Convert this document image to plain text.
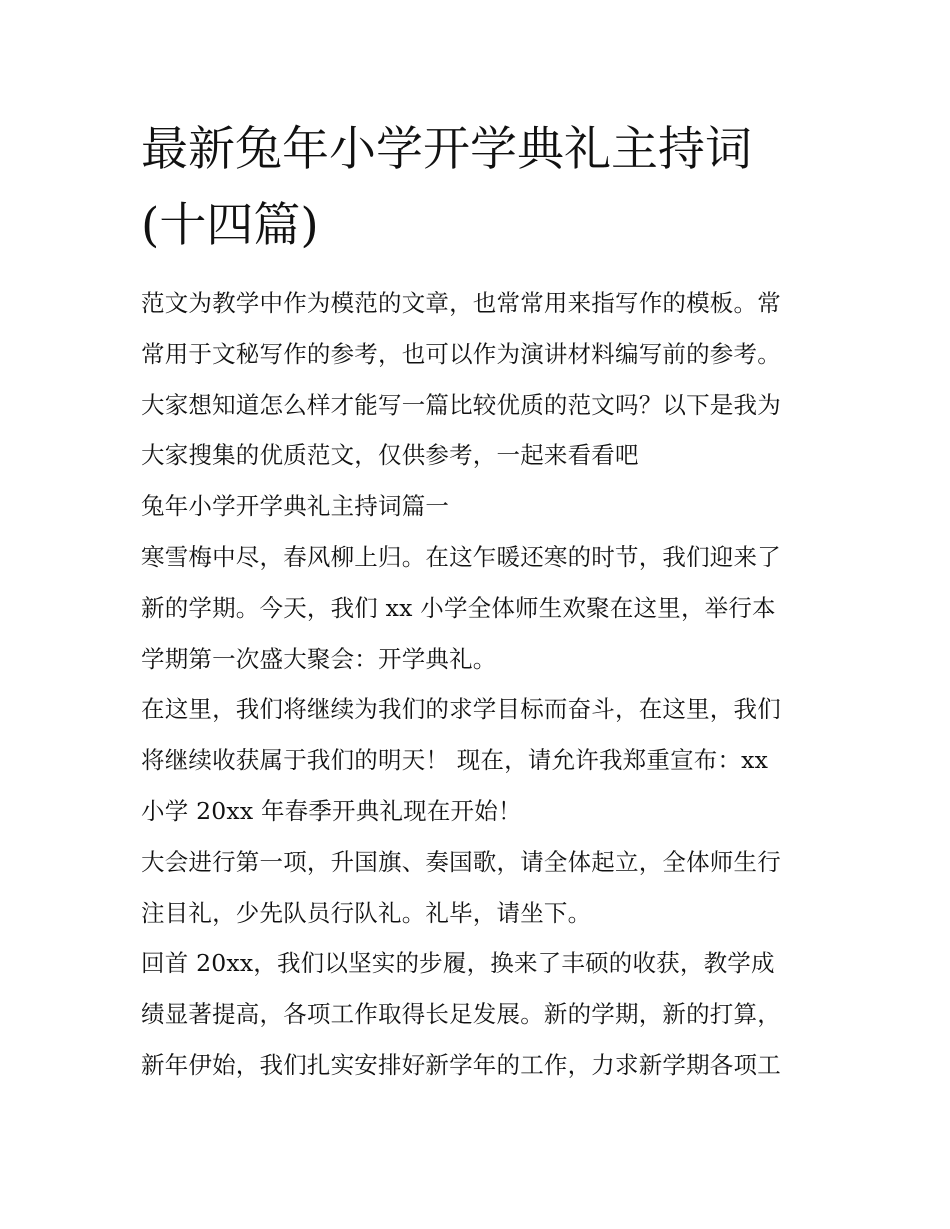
最新兔年小学开学典礼主持词
(十四篇)

范文为教学中作为模范的文章，也常常用来指写作的模板。常
常用于文秘写作的参考，也可以作为演讲材料编写前的参考。
大家想知道怎么样才能写一篇比较优质的范文吗？以下是我为
大家搜集的优质范文，仅供参考，一起来看看吧

兔年小学开学典礼主持词篇一

寒雪梅中尽，春风柳上归。在这乍暖还寒的时节，我们迎来了
新的学期。今天，我们 xx 小学全体师生欢聚在这里，举行本
学期第一次盛大聚会：开学典礼。

在这里，我们将继续为我们的求学目标而奋斗，在这里，我们
将继续收获属于我们的明天！ 现在，请允许我郑重宣布：xx
小学 20xx 年春季开典礼现在开始！

大会进行第一项，升国旗、奏国歌，请全体起立，全体师生行
注目礼，少先队员行队礼。礼毕，请坐下。

回首 20xx，我们以坚实的步履，换来了丰硕的收获，教学成
绩显著提高，各项工作取得长足发展。新的学期，新的打算，
新年伊始，我们扎实安排好新学年的工作，力求新学期各项工
